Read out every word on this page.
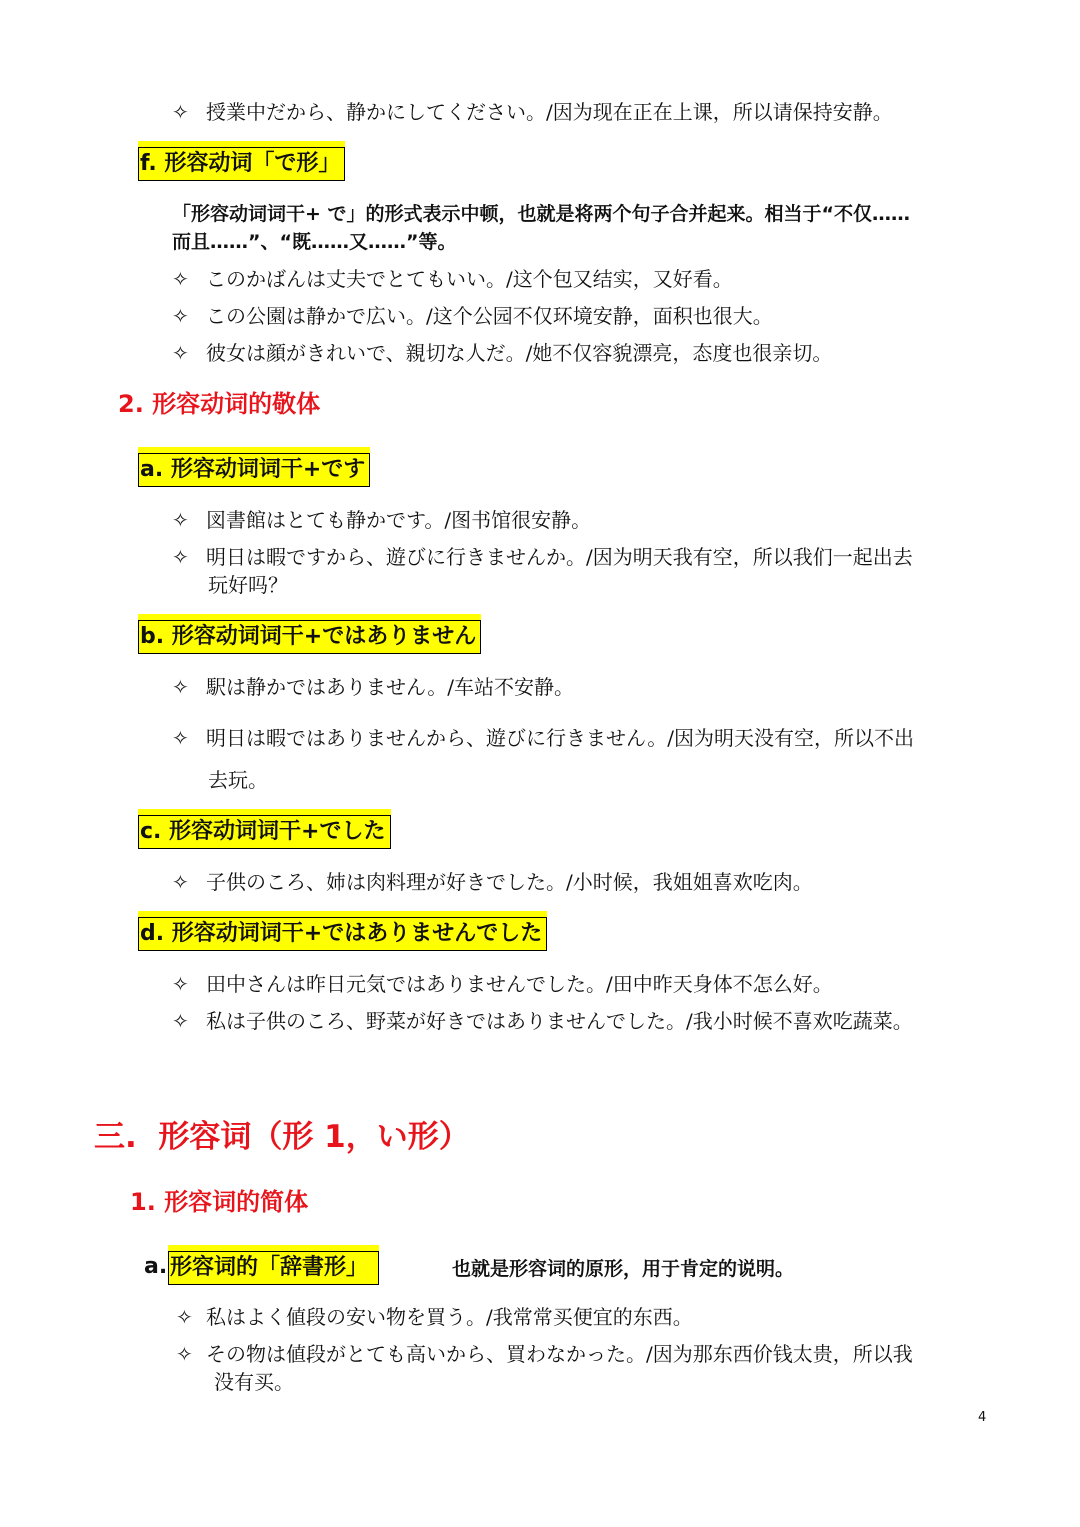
✧ 授業中だから、静かにしてください。/因为现在正在上课，所以请保持安静。
f. 形容动词「で形」
「形容动词词干+ で」的形式表示中顿，也就是将两个句子合并起来。相当于“不仅……
而且……”、“既……又……”等。
✧ このかばんは丈夫でとてもいい。/这个包又结实，又好看。
✧ この公園は静かで広い。/这个公园不仅环境安静，面积也很大。
✧ 彼女は顔がきれいで、親切な人だ。/她不仅容貌漂亮，态度也很亲切。
2. 形容动词的敬体
a. 形容动词词干+です
✧ 図書館はとても静かです。/图书馆很安静。
✧ 明日は暇ですから、遊びに行きませんか。/因为明天我有空，所以我们一起出去
玩好吗？
b. 形容动词词干+ではありません
✧ 駅は静かではありません。/车站不安静。
✧ 明日は暇ではありませんから、遊びに行きません。/因为明天没有空，所以不出
去玩。
c. 形容动词词干+でした
✧ 子供のころ、姉は肉料理が好きでした。/小时候，我姐姐喜欢吃肉。
d. 形容动词词干+ではありませんでした
✧ 田中さんは昨日元気ではありませんでした。/田中昨天身体不怎么好。
✧ 私は子供のころ、野菜が好きではありませんでした。/我小时候不喜欢吃蔬菜。
三.  形容词（形 1，い形）
1. 形容词的简体
a. 形容词的「辞書形」	也就是形容词的原形，用于肯定的说明。
✧ 私はよく値段の安い物を買う。/我常常买便宜的东西。
✧ その物は値段がとても高いから、買わなかった。/因为那东西价钱太贵，所以我
没有买。
4
